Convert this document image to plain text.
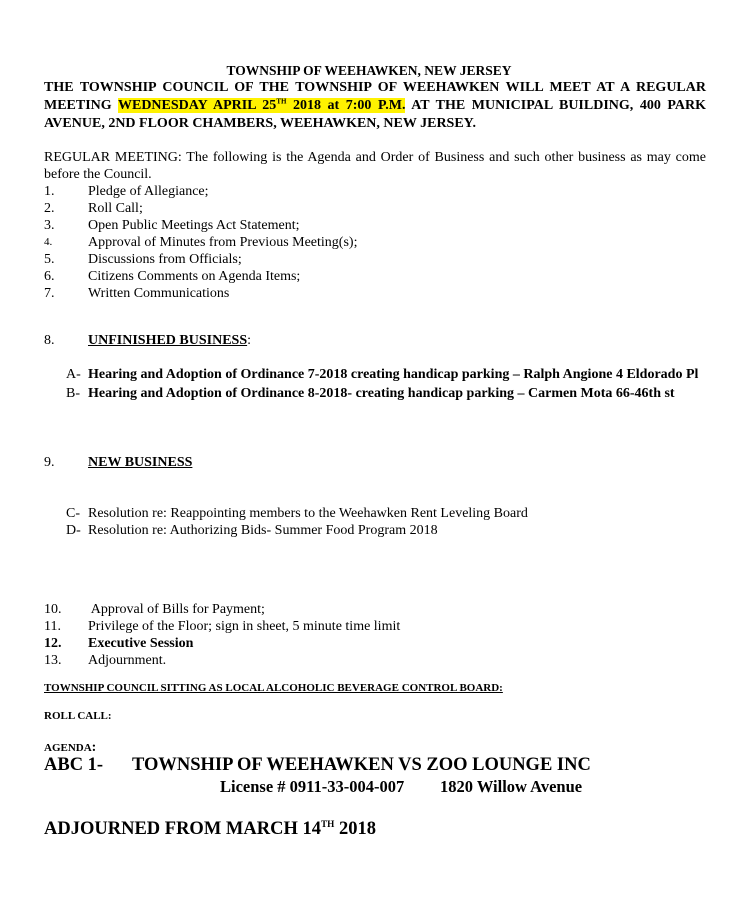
TOWNSHIP OF WEEHAWKEN, NEW JERSEY
THE TOWNSHIP COUNCIL OF THE TOWNSHIP OF WEEHAWKEN WILL MEET AT A REGULAR MEETING WEDNESDAY APRIL 25TH 2018 at 7:00 P.M. AT THE MUNICIPAL BUILDING, 400 PARK AVENUE, 2ND FLOOR CHAMBERS, WEEHAWKEN, NEW JERSEY.
REGULAR MEETING: The following is the Agenda and Order of Business and such other business as may come before the Council.
1. Pledge of Allegiance;
2. Roll Call;
3. Open Public Meetings Act Statement;
4.	Approval of Minutes from Previous Meeting(s);
5. Discussions from Officials;
6. Citizens Comments on Agenda Items;
7. Written Communications
8. UNFINISHED BUSINESS:
A- Hearing and Adoption of Ordinance 7-2018 creating handicap parking – Ralph Angione 4 Eldorado Pl
B- Hearing and Adoption of Ordinance 8-2018- creating handicap parking – Carmen Mota 66-46th st
9. NEW BUSINESS
C- Resolution re: Reappointing members to the Weehawken Rent Leveling Board
D- Resolution re: Authorizing Bids- Summer Food Program 2018
10. Approval of Bills for Payment;
11. Privilege of the Floor; sign in sheet, 5 minute time limit
12. Executive Session
13. Adjournment.
TOWNSHIP COUNCIL SITTING AS LOCAL ALCOHOLIC BEVERAGE CONTROL BOARD:
ROLL CALL:
AGENDA:
ABC 1- TOWNSHIP OF WEEHAWKEN VS ZOO LOUNGE INC
License # 0911-33-004-007 1820 Willow Avenue
ADJOURNED FROM MARCH 14TH 2018
